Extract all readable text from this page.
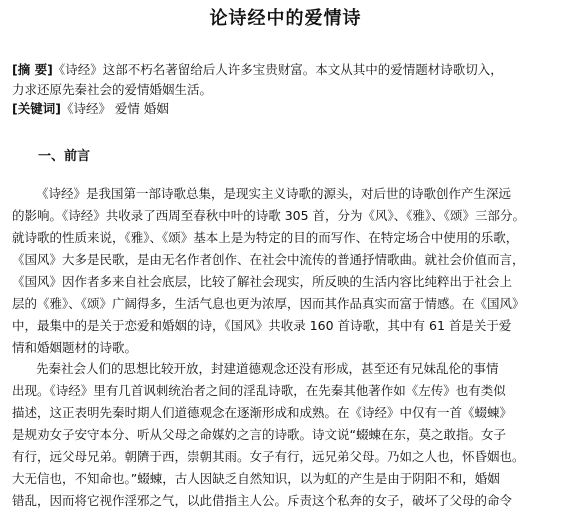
论诗经中的爱情诗
[摘 要]《诗经》这部不朽名著留给后人许多宝贵财富。本文从其中的爱情题材诗歌切入，
力求还原先秦社会的爱情婚姻生活。
[关键词]《诗经》 爱情 婚姻
一、前言
《诗经》是我国第一部诗歌总集，是现实主义诗歌的源头，对后世的诗歌创作产生深远
的影响。《诗经》共收录了西周至春秋中叶的诗歌 305 首，分为《风》、《雅》、《颂》三部分。
就诗歌的性质来说，《雅》、《颂》基本上是为特定的目的而写作、在特定场合中使用的乐歌，
《国风》大多是民歌，是由无名作者创作、在社会中流传的普通抒情歌曲。就社会价值而言，
《国风》因作者多来自社会底层，比较了解社会现实，所反映的生活内容比纯粹出于社会上
层的《雅》、《颂》广阔得多，生活气息也更为浓厚，因而其作品真实而富于情感。在《国风》
中，最集中的是关于恋爱和婚姻的诗，《国风》共收录 160 首诗歌，其中有 61 首是关于爱
情和婚姻题材的诗歌。
先秦社会人们的思想比较开放，封建道德观念还没有形成，甚至还有兄妹乱伦的事情
出现。《诗经》里有几首讽刺统治者之间的淫乱诗歌，在先秦其他著作如《左传》也有类似
描述，这正表明先秦时期人们道德观念在逐渐形成和成熟。在《诗经》中仅有一首《蝃蝀》
是规劝女子安守本分、听从父母之命媒妁之言的诗歌。诗文说“蝃蝀在东，莫之敢指。女子
有行，远父母兄弟。朝隮于西，崇朝其雨。女子有行，远兄弟父母。乃如之人也，怀昏姻也。
大无信也，不知命也。”蝃蝀，古人因缺乏自然知识，以为虹的产生是由于阴阳不和，婚姻
错乱，因而将它视作淫邪之气，以此借指主人公。斥责这个私奔的女子，破坏了父母的命令
